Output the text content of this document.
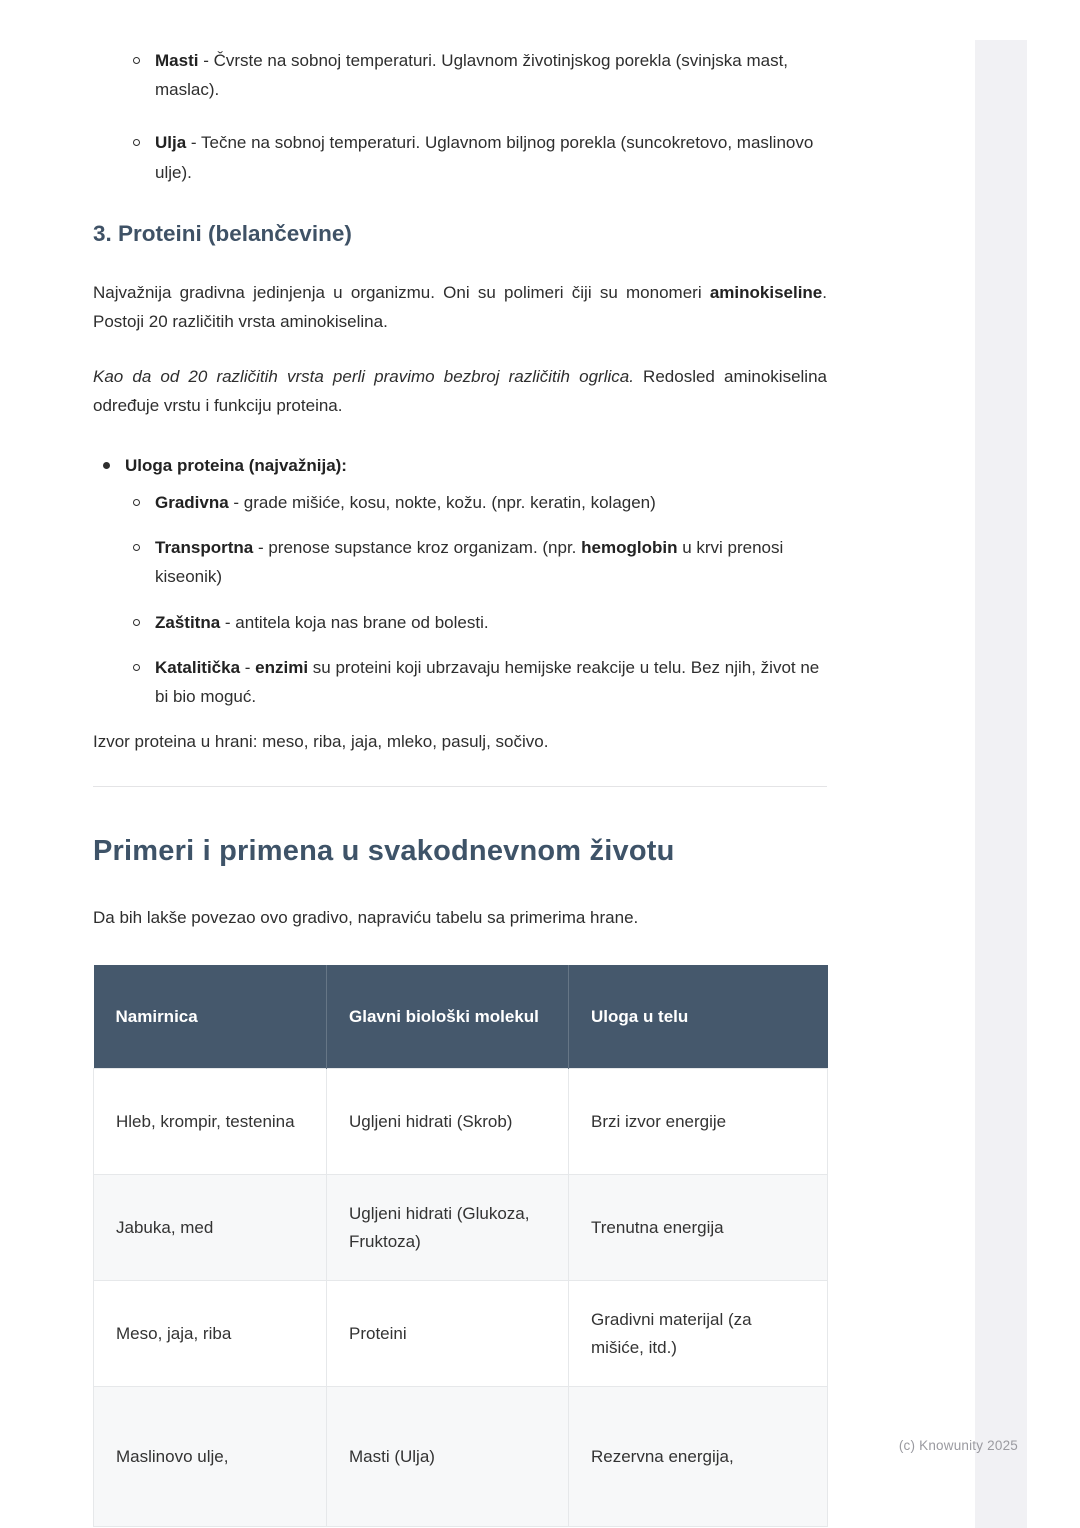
(c) Knowunity 2025
Masti - Čvrste na sobnoj temperaturi. Uglavnom životinjskog porekla (svinjska mast, maslac).
Ulja - Tečne na sobnoj temperaturi. Uglavnom biljnog porekla (suncokretovo, maslinovo ulje).
3. Proteini (belančevine)

Najvažnija gradivna jedinjenja u organizmu. Oni su polimeri čiji su monomeri aminokiseline. Postoji 20 različitih vrsta aminokiselina.

Kao da od 20 različitih vrsta perli pravimo bezbroj različitih ogrlica. Redosled aminokiselina određuje vrstu i funkciju proteina.

Uloga proteina (najvažnija):
Gradivna - grade mišiće, kosu, nokte, kožu. (npr. keratin, kolagen)
Transportna - prenose supstance kroz organizam. (npr. hemoglobin u krvi prenosi kiseonik)
Zaštitna - antitela koja nas brane od bolesti.
Katalitička - enzimi su proteini koji ubrzavaju hemijske reakcije u telu. Bez njih, život ne bi bio moguć.

Izvor proteina u hrani: meso, riba, jaja, mleko, pasulj, sočivo.

Primeri i primena u svakodnevnom životu

Da bih lakše povezao ovo gradivo, napraviću tabelu sa primerima hrane.

Namirnica	Glavni biološki molekul	Uloga u telu
Hleb, krompir, testenina	Ugljeni hidrati (Skrob)	Brzi izvor energije
Jabuka, med	Ugljeni hidrati (Glukoza, Fruktoza)	Trenutna energija
Meso, jaja, riba	Proteini	Gradivni materijal (za mišiće, itd.)
Maslinovo ulje,	Masti (Ulja)	Rezervna energija,
